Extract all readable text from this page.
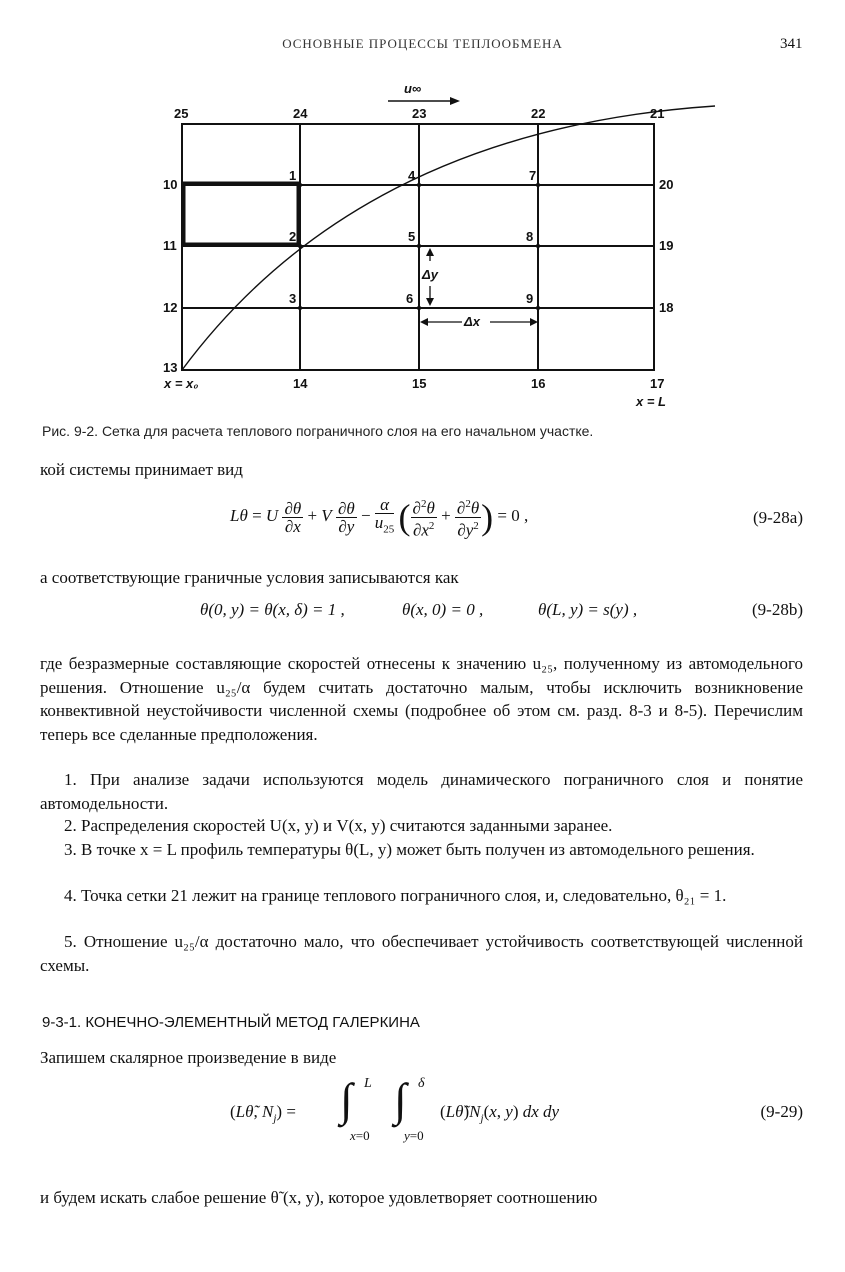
ОСНОВНЫЕ ПРОЦЕССЫ ТЕПЛООБМЕНА	341
u∞
25	24	23	22	21
10
11
12
13
20
19
18
14	15	16	17
x = x₀
x = L
1
2
3
4
5
6
7
8
9
Δy
Δx
Рис. 9-2. Сетка для расчета теплового пограничного слоя на его начальном участке.
кой системы принимает вид
Lθ = U $\frac{\partial\theta}{\partial x} + V \frac{\partial\theta}{\partial y} - \frac{\alpha}{u_{25}}$ ( $\frac{\partial^2\theta}{\partial x^2} + \frac{\partial^2\theta}{\partial y^2}$ ) = 0 ,	(9-28a)
а соответствующие граничные условия записываются как
θ(0, y) = θ(x, δ) = 1 ,	θ(x, 0) = 0 ,	θ(L, y) = s(y) ,	(9-28b)
где безразмерные составляющие скоростей отнесены к значению u₂₅, полученному из автомодельного решения. Отношение u₂₅/α будем считать достаточно малым, чтобы исключить возникновение конвективной неустойчивости численной схемы (подробнее об этом см. разд. 8-3 и 8-5). Перечислим теперь все сделанные предположения.
1. При анализе задачи используются модель динамического пограничного слоя и понятие автомодельности.
2. Распределения скоростей U(x, y) и V(x, y) считаются заданными заранее.
3. В точке x = L профиль температуры θ(L, y) может быть получен из автомодельного решения.
4. Точка сетки 21 лежит на границе теплового пограничного слоя, и, следовательно, θ₂₁ = 1.
5. Отношение u₂₅/α достаточно мало, что обеспечивает устойчивость соответствующей численной схемы.
9-3-1. КОНЕЧНО-ЭЛЕМЕНТНЫЙ МЕТОД ГАЛЕРКИНА
Запишем скалярное произведение в виде
(Lθ̃, $N_j$) = ∫ L
x=0
∫ δ
y=0
$(L\thetã)N_j(x$, y) dx dy	(9-29)
и будем искать слабое решение θ̃ (x, y), которое удовлетворяет соотношению
